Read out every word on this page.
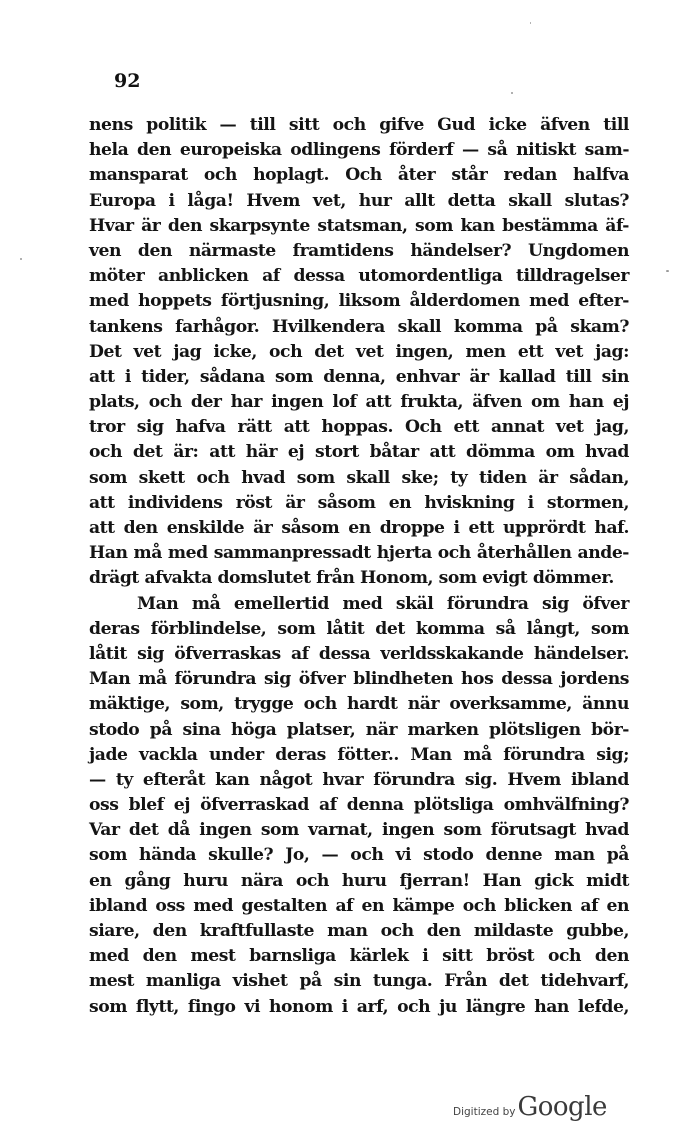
92
nens politik — till sitt och gifve Gud icke äfven till
hela den europeiska odlingens förderf — så nitiskt sam-
mansparat och hoplagt. Och åter står redan halfva
Europa i låga! Hvem vet, hur allt detta skall slutas?
Hvar är den skarpsynte statsman, som kan bestämma äf-
ven den närmaste framtidens händelser? Ungdomen
möter anblicken af dessa utomordentliga tilldragelser
med hoppets förtjusning, liksom ålderdomen med efter-
tankens farhågor. Hvilkendera skall komma på skam?
Det vet jag icke, och det vet ingen, men ett vet jag:
att i tider, sådana som denna, enhvar är kallad till sin
plats, och der har ingen lof att frukta, äfven om han ej
tror sig hafva rätt att hoppas. Och ett annat vet jag,
och det är: att här ej stort båtar att dömma om hvad
som skett och hvad som skall ske; ty tiden är sådan,
att individens röst är såsom en hviskning i stormen,
att den enskilde är såsom en droppe i ett upprördt haf.
Han må med sammanpressadt hjerta och återhållen ande-
drägt afvakta domslutet från Honom, som evigt dömmer.
Man må emellertid med skäl förundra sig öfver
deras förblindelse, som låtit det komma så långt, som
låtit sig öfverraskas af dessa verldsskakande händelser.
Man må förundra sig öfver blindheten hos dessa jordens
mäktige, som, trygge och hardt när overksamme, ännu
stodo på sina höga platser, när marken plötsligen bör-
jade vackla under deras fötter.. Man må förundra sig;
— ty efteråt kan något hvar förundra sig. Hvem ibland
oss blef ej öfverraskad af denna plötsliga omhvälfning?
Var det då ingen som varnat, ingen som förutsagt hvad
som hända skulle? Jo, — och vi stodo denne man på
en gång huru nära och huru fjerran! Han gick midt
ibland oss med gestalten af en kämpe och blicken af en
siare, den kraftfullaste man och den mildaste gubbe,
med den mest barnsliga kärlek i sitt bröst och den
mest manliga vishet på sin tunga. Från det tidehvarf,
som flytt, fingo vi honom i arf, och ju längre han lefde,
Digitized by Google
